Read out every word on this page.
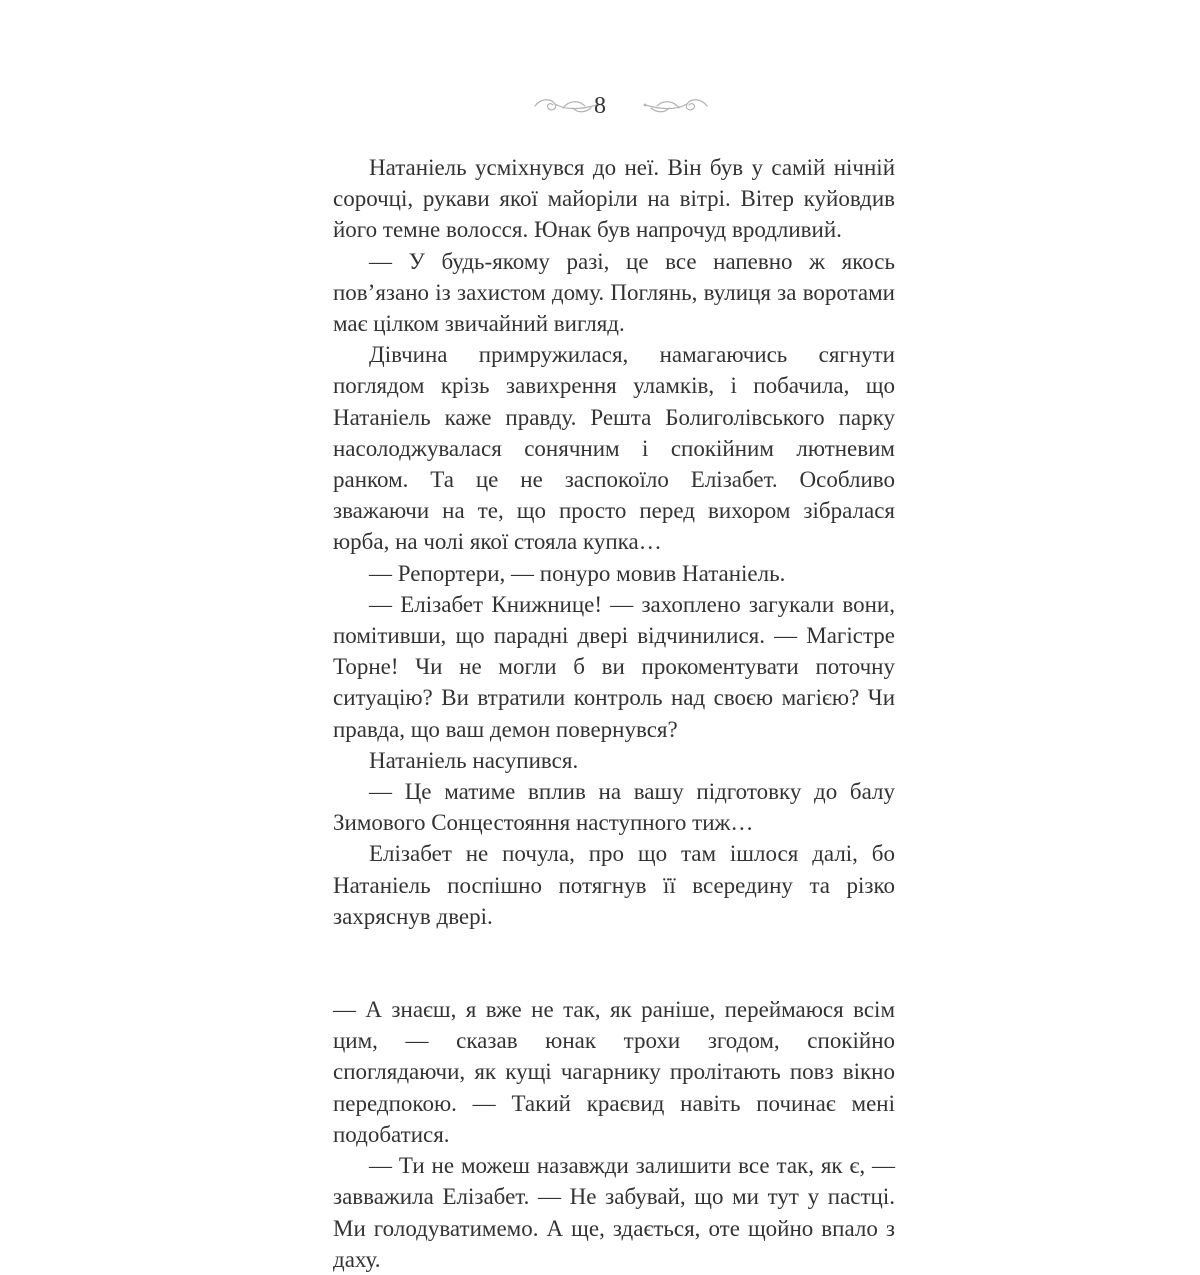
8

Натаніель усміхнувся до неї. Він був у самій нічній сорочці, рукави якої майоріли на вітрі. Вітер куйовдив його темне волосся. Юнак був напрочуд вродливий.

— У будь-якому разі, це все напевно ж якось пов’язано із захистом дому. Поглянь, вулиця за воротами має цілком звичайний вигляд.

Дівчина примружилася, намагаючись сягнути поглядом крізь завихрення уламків, і побачила, що Натаніель каже правду. Решта Болиголівського парку насолоджувалася сонячним і спокійним лютневим ранком. Та це не заспокоїло Елізабет. Особливо зважаючи на те, що просто перед вихором зібралася юрба, на чолі якої стояла купка…

— Репортери, — понуро мовив Натаніель.

— Елізабет Книжнице! — захоплено загукали вони, помітивши, що парадні двері відчинилися. — Магістре Торне! Чи не могли б ви прокоментувати поточну ситуацію? Ви втратили контроль над своєю магією? Чи правда, що ваш демон повернувся?

Натаніель насупився.

— Це матиме вплив на вашу підготовку до балу Зимового Сонцестояння наступного тиж…

Елізабет не почула, про що там ішлося далі, бо Натаніель поспішно потягнув її всередину та різко захряснув двері.

— А знаєш, я вже не так, як раніше, переймаюся всім цим, — сказав юнак трохи згодом, спокійно споглядаючи, як кущі чагарнику пролітають повз вікно передпокою. — Такий краєвид навіть починає мені подобатися.

— Ти не можеш назавжди залишити все так, як є, — завважила Елізабет. — Не забувай, що ми тут у пастці. Ми голодуватимемо. А ще, здається, оте щойно впало з даху.
